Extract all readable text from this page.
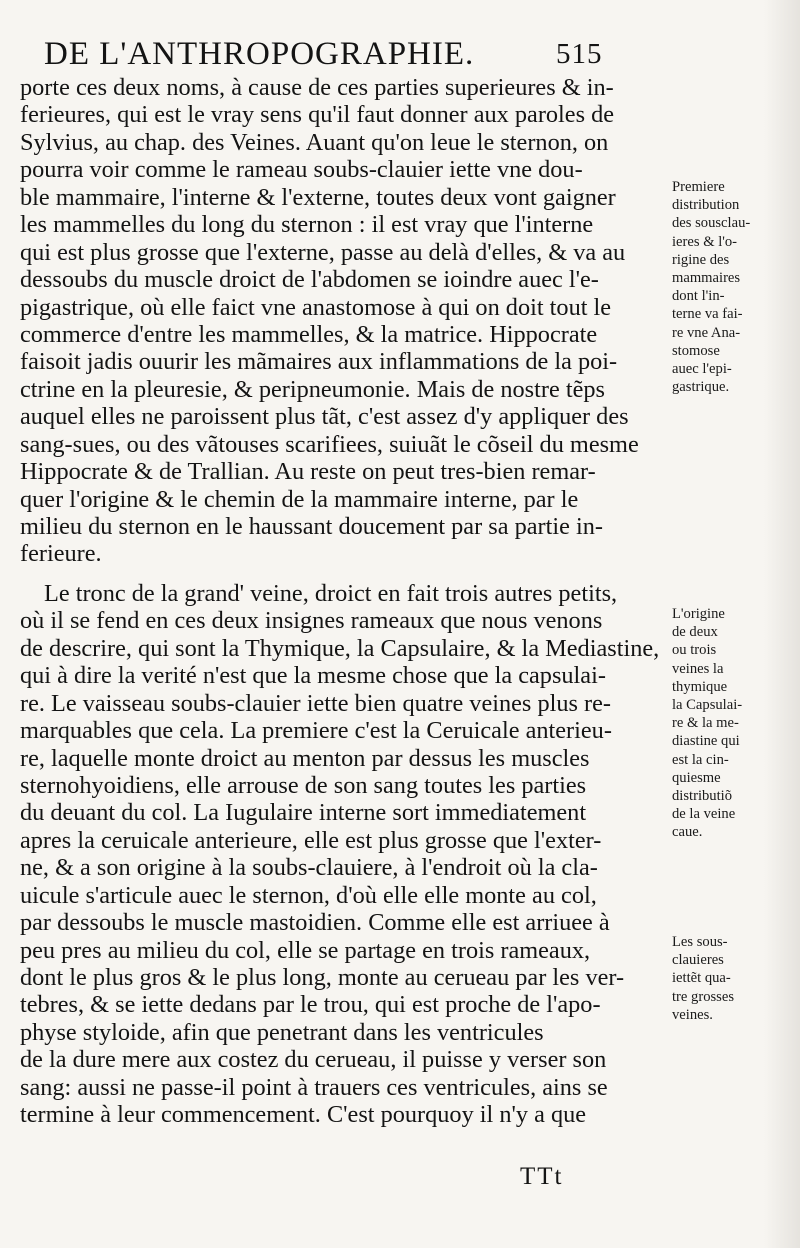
DE L'ANTHROPOGRAPHIE.	515
porte ces deux noms, à cause de ces parties superieures & in-
ferieures, qui est le vray sens qu'il faut donner aux paroles de
Sylvius, au chap. des Veines. Auant qu'on leue le sternon, on
pourra voir comme le rameau soubs-clauier iette vne dou-
ble mammaire, l'interne & l'externe, toutes deux vont gaigner
les mammelles du long du sternon : il est vray que l'interne
qui est plus grosse que l'externe, passe au delà d'elles, & va au
dessoubs du muscle droict de l'abdomen se ioindre auec l'e-
pigastrique, où elle faict vne anastomose à qui on doit tout le
commerce d'entre les mammelles, & la matrice. Hippocrate
faisoit jadis ouurir les mãmaires aux inflammations de la poi-
ctrine en la pleuresie, & peripneumonie. Mais de nostre tẽps
auquel elles ne paroissent plus tãt, c'est assez d'y appliquer des
sang-sues, ou des vãtouses scarifiees, suiuãt le cõseil du mesme
Hippocrate & de Trallian. Au reste on peut tres-bien remar-
quer l'origine & le chemin de la mammaire interne, par le
milieu du sternon en le haussant doucement par sa partie in-
ferieure.
Le tronc de la grand' veine, droict en fait trois autres petits,
où il se fend en ces deux insignes rameaux que nous venons
de descrire, qui sont la Thymique, la Capsulaire, & la Mediastine,
qui à dire la verité n'est que la mesme chose que la capsulai-
re. Le vaisseau soubs-clauier iette bien quatre veines plus re-
marquables que cela. La premiere c'est la Ceruicale anterieu-
re, laquelle monte droict au menton par dessus les muscles
sternohyoidiens, elle arrouse de son sang toutes les parties
du deuant du col. La Iugulaire interne sort immediatement
apres la ceruicale anterieure, elle est plus grosse que l'exter-
ne, & a son origine à la soubs-clauiere, à l'endroit où la cla-
uicule s'articule auec le sternon, d'où elle elle monte au col,
par dessoubs le muscle mastoidien. Comme elle est arriuee à
peu pres au milieu du col, elle se partage en trois rameaux,
dont le plus gros & le plus long, monte au cerueau par les ver-
tebres, & se iette dedans par le trou, qui est proche de l'apo-
physe styloide, afin que penetrant dans les ventricules
de la dure mere aux costez du cerueau, il puisse y verser son
sang: aussi ne passe-il point à trauers ces ventricules, ains se
termine à leur commencement. C'est pourquoy il n'y a que
Premiere
distribution
des sousclau-
ieres & l'o-
rigine des
mammaires
dont l'in-
terne va fai-
re vne Ana-
stomose
auec l'epi-
gastrique.
L'origine
de deux
ou trois
veines la
thymique
la Capsulai-
re & la me-
diastine qui
est la cin-
quiesme
distributiõ
de la veine
caue.
Les sous-
clauieres
iettẽt qua-
tre grosses
veines.
TTt
